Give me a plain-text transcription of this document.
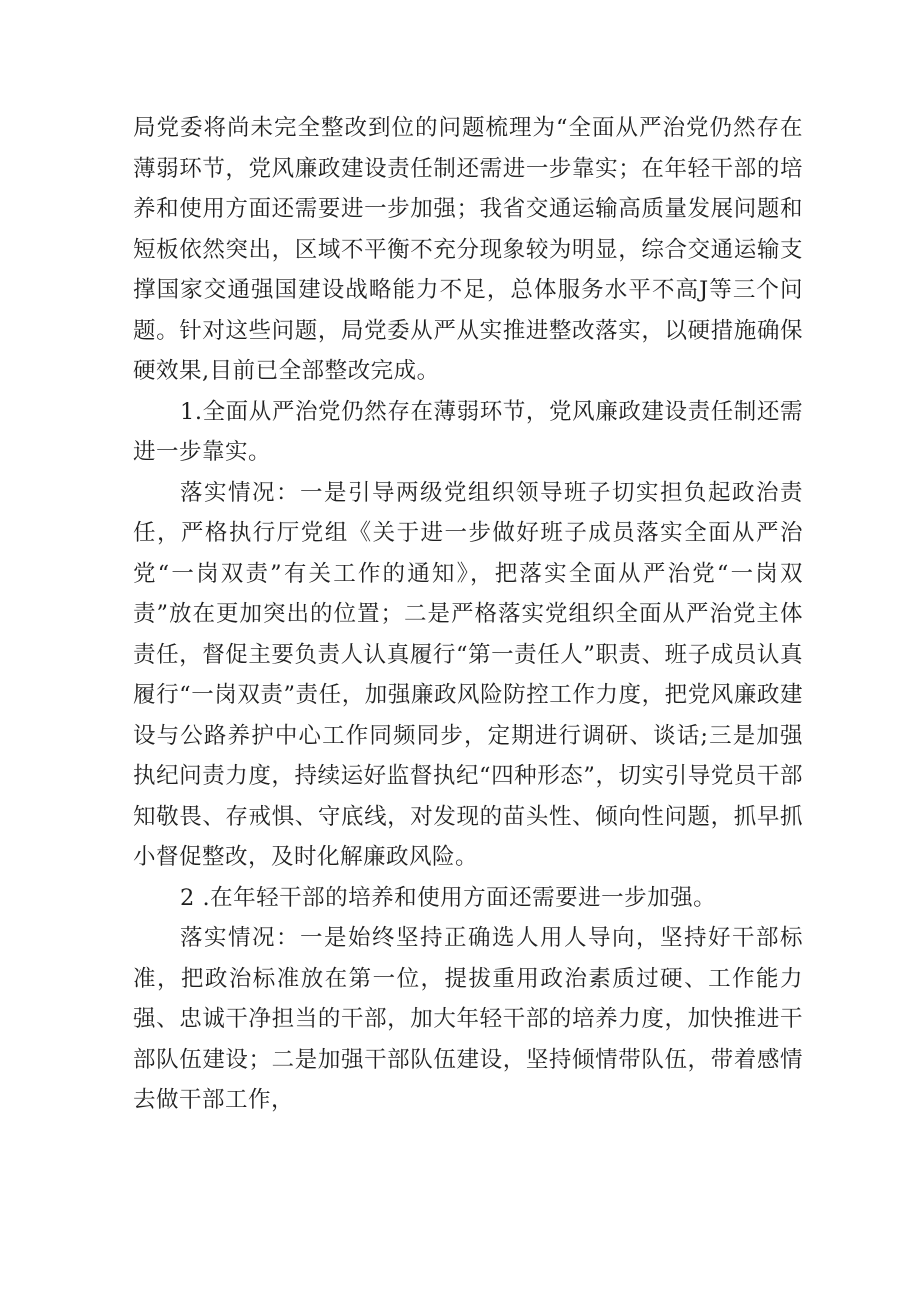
局党委将尚未完全整改到位的问题梳理为“全面从严治党仍然存在薄弱环节，党风廉政建设责任制还需进一步靠实；在年轻干部的培养和使用方面还需要进一步加强；我省交通运输高质量发展问题和短板依然突出，区域不平衡不充分现象较为明显，综合交通运输支撑国家交通强国建设战略能力不足，总体服务水平不高J等三个问题。针对这些问题，局党委从严从实推进整改落实，以硬措施确保硬效果,目前已全部整改完成。

1.全面从严治党仍然存在薄弱环节，党风廉政建设责任制还需进一步靠实。

落实情况：一是引导两级党组织领导班子切实担负起政治责任，严格执行厅党组《关于进一步做好班子成员落实全面从严治党“一岗双责”有关工作的通知》，把落实全面从严治党“一岗双责”放在更加突出的位置；二是严格落实党组织全面从严治党主体责任，督促主要负责人认真履行“第一责任人”职责、班子成员认真履行“一岗双责”责任，加强廉政风险防控工作力度，把党风廉政建设与公路养护中心工作同频同步，定期进行调研、谈话;三是加强执纪问责力度，持续运好监督执纪“四种形态”，切实引导党员干部知敬畏、存戒惧、守底线，对发现的苗头性、倾向性问题，抓早抓小督促整改，及时化解廉政风险。

2 .在年轻干部的培养和使用方面还需要进一步加强。

落实情况：一是始终坚持正确选人用人导向，坚持好干部标准，把政治标准放在第一位，提拔重用政治素质过硬、工作能力强、忠诚干净担当的干部，加大年轻干部的培养力度，加快推进干部队伍建设；二是加强干部队伍建设，坚持倾情带队伍，带着感情去做干部工作，
